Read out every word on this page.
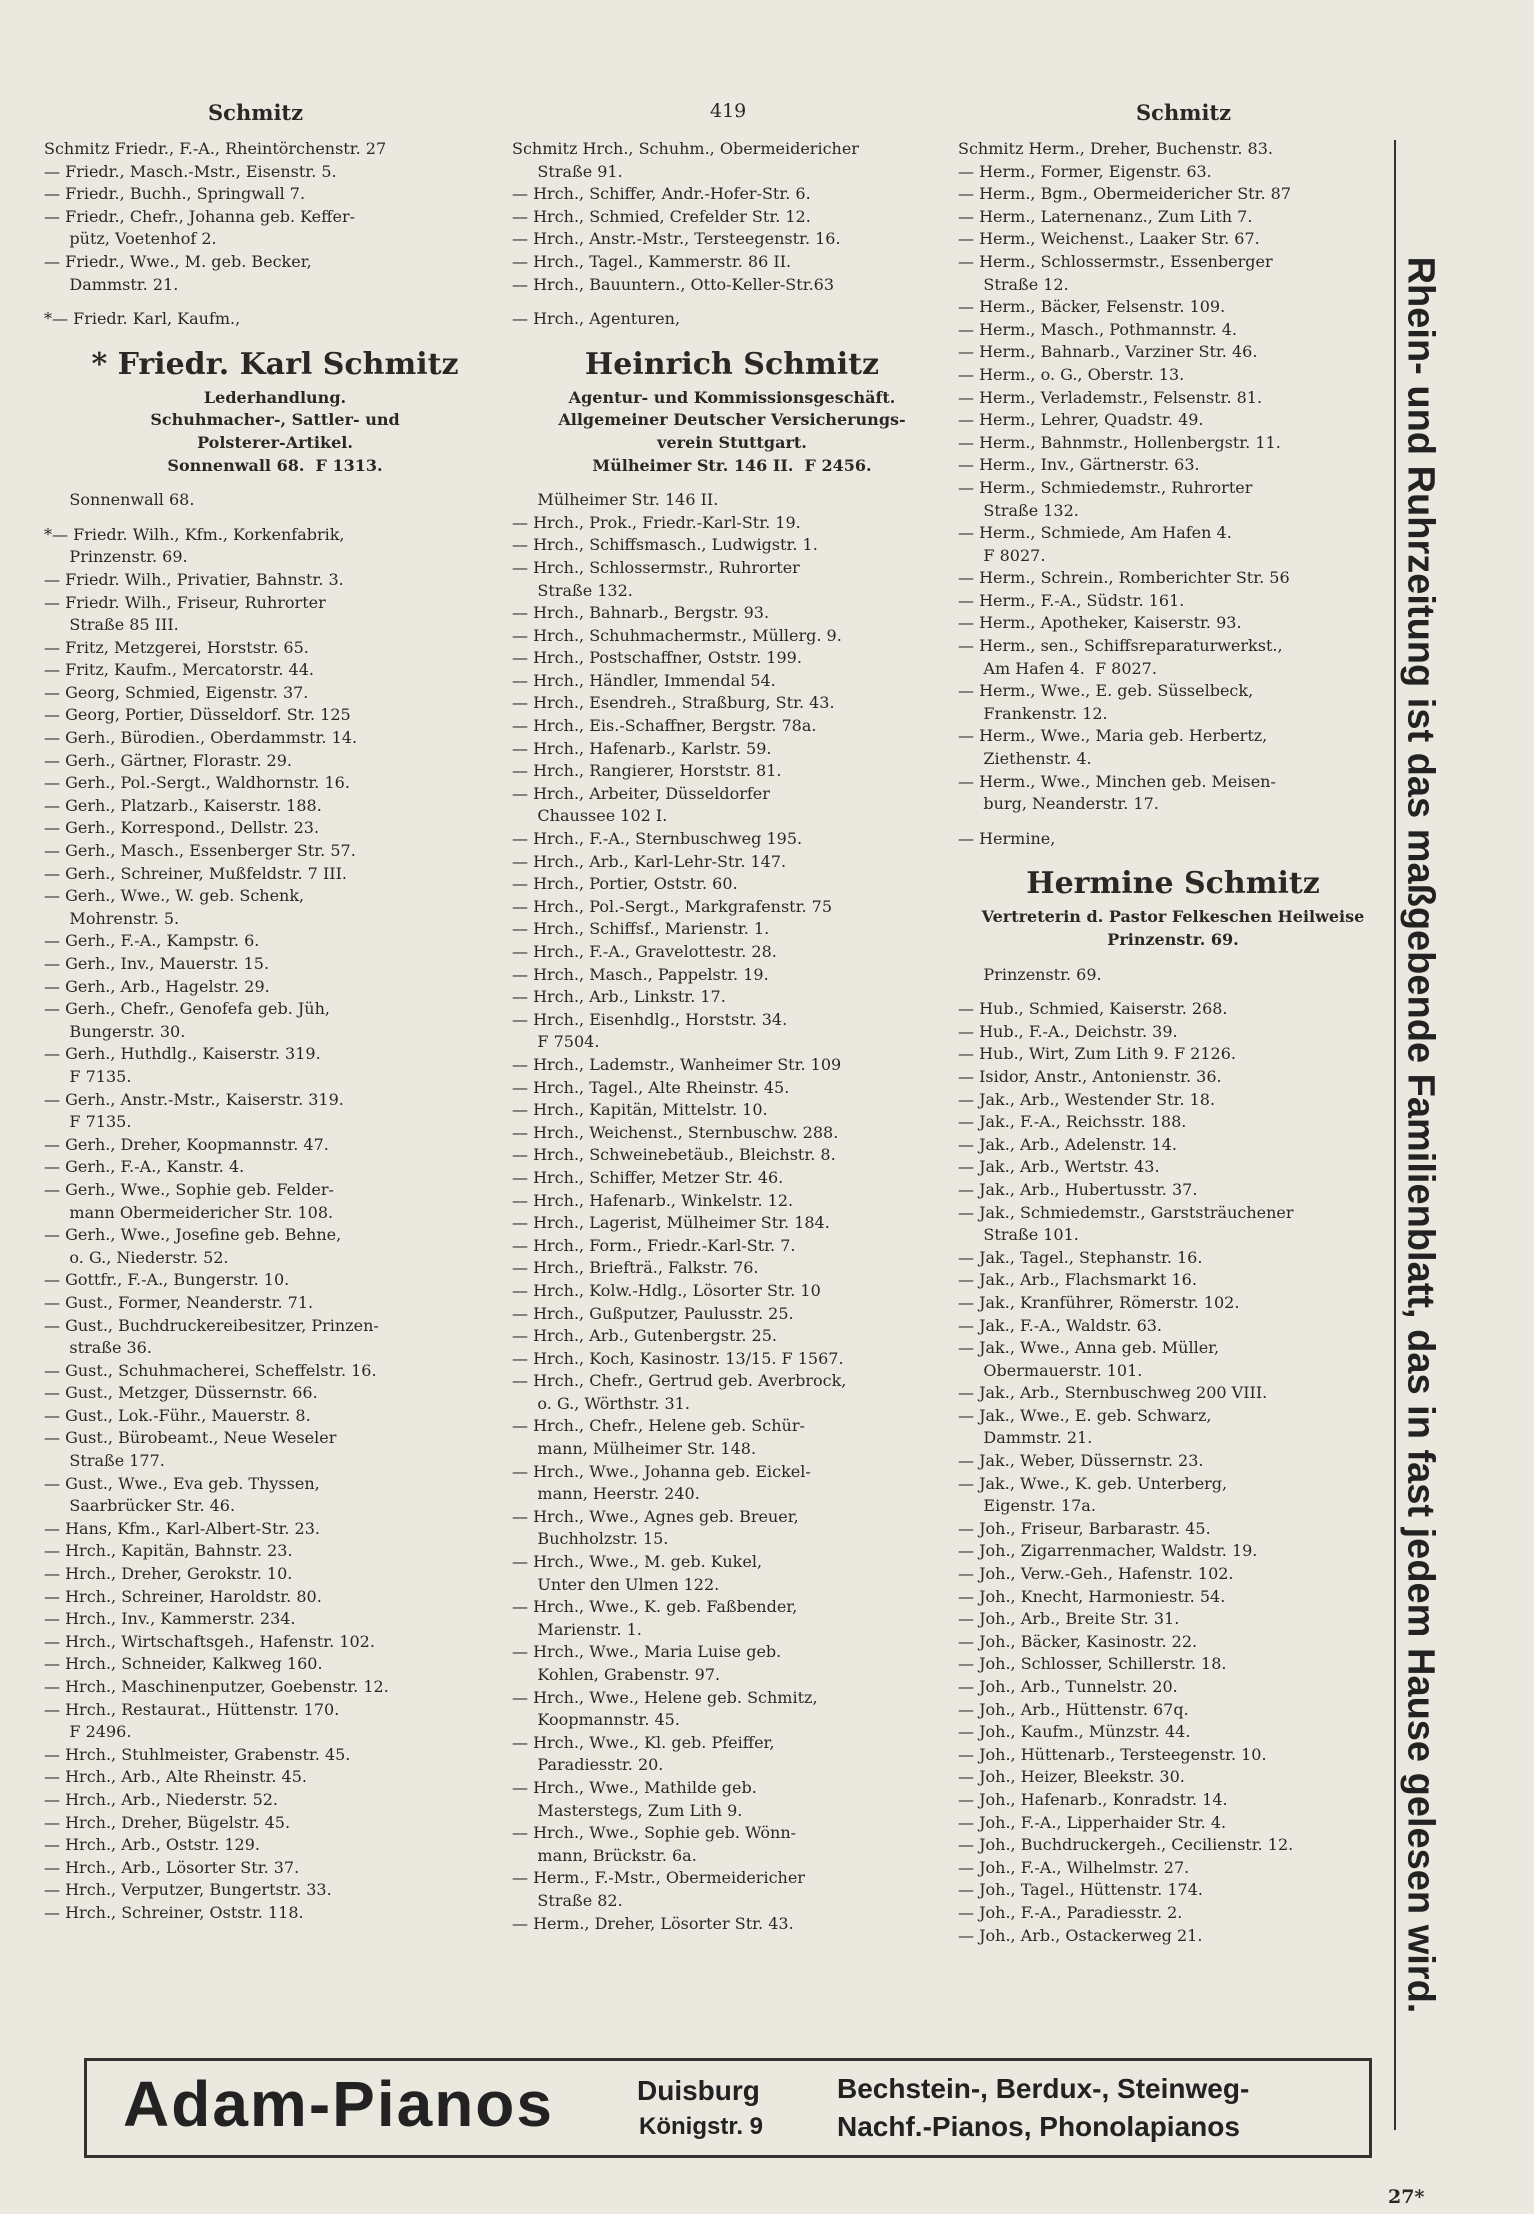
Schmitz	419	Schmitz
Schmitz Friedr., F.-A., Rheintörchenstr. 27
— Friedr., Masch.-Mstr., Eisenstr. 5.
— Friedr., Buchh., Springwall 7.
— Friedr., Chefr., Johanna geb. Keffer-
pütz, Voetenhof 2.
— Friedr., Wwe., M. geb. Becker,
Dammstr. 21.
*— Friedr. Karl, Kaufm.,
* Friedr. Karl Schmitz
Lederhandlung.
Schuhmacher-, Sattler- und
Polsterer-Artikel.
Sonnenwall 68.  F 1313.
Sonnenwall 68.
*— Friedr. Wilh., Kfm., Korkenfabrik,
Prinzenstr. 69.
— Friedr. Wilh., Privatier, Bahnstr. 3.
— Friedr. Wilh., Friseur, Ruhrorter
Straße 85 III.
— Fritz, Metzgerei, Horststr. 65.
— Fritz, Kaufm., Mercatorstr. 44.
— Georg, Schmied, Eigenstr. 37.
— Georg, Portier, Düsseldorf. Str. 125
— Gerh., Bürodien., Oberdammstr. 14.
— Gerh., Gärtner, Florastr. 29.
— Gerh., Pol.-Sergt., Waldhornstr. 16.
— Gerh., Platzarb., Kaiserstr. 188.
— Gerh., Korrespond., Dellstr. 23.
— Gerh., Masch., Essenberger Str. 57.
— Gerh., Schreiner, Mußfeldstr. 7 III.
— Gerh., Wwe., W. geb. Schenk,
Mohrenstr. 5.
— Gerh., F.-A., Kampstr. 6.
— Gerh., Inv., Mauerstr. 15.
— Gerh., Arb., Hagelstr. 29.
— Gerh., Chefr., Genofefa geb. Jüh,
Bungerstr. 30.
— Gerh., Huthdlg., Kaiserstr. 319.
F 7135.
— Gerh., Anstr.-Mstr., Kaiserstr. 319.
F 7135.
— Gerh., Dreher, Koopmannstr. 47.
— Gerh., F.-A., Kanstr. 4.
— Gerh., Wwe., Sophie geb. Felder-
mann Obermeidericher Str. 108.
— Gerh., Wwe., Josefine geb. Behne,
o. G., Niederstr. 52.
— Gottfr., F.-A., Bungerstr. 10.
— Gust., Former, Neanderstr. 71.
— Gust., Buchdruckereibesitzer, Prinzen-
straße 36.
— Gust., Schuhmacherei, Scheffelstr. 16.
— Gust., Metzger, Düssernstr. 66.
— Gust., Lok.-Führ., Mauerstr. 8.
— Gust., Bürobeamt., Neue Weseler
Straße 177.
— Gust., Wwe., Eva geb. Thyssen,
Saarbrücker Str. 46.
— Hans, Kfm., Karl-Albert-Str. 23.
— Hrch., Kapitän, Bahnstr. 23.
— Hrch., Dreher, Gerokstr. 10.
— Hrch., Schreiner, Haroldstr. 80.
— Hrch., Inv., Kammerstr. 234.
— Hrch., Wirtschaftsgeh., Hafenstr. 102.
— Hrch., Schneider, Kalkweg 160.
— Hrch., Maschinenputzer, Goebenstr. 12.
— Hrch., Restaurat., Hüttenstr. 170.
F 2496.
— Hrch., Stuhlmeister, Grabenstr. 45.
— Hrch., Arb., Alte Rheinstr. 45.
— Hrch., Arb., Niederstr. 52.
— Hrch., Dreher, Bügelstr. 45.
— Hrch., Arb., Oststr. 129.
— Hrch., Arb., Lösorter Str. 37.
— Hrch., Verputzer, Bungertstr. 33.
— Hrch., Schreiner, Oststr. 118.
Schmitz Hrch., Schuhm., Obermeidericher
Straße 91.
— Hrch., Schiffer, Andr.-Hofer-Str. 6.
— Hrch., Schmied, Crefelder Str. 12.
— Hrch., Anstr.-Mstr., Tersteegenstr. 16.
— Hrch., Tagel., Kammerstr. 86 II.
— Hrch., Bauuntern., Otto-Keller-Str.63
— Hrch., Agenturen,
Heinrich Schmitz
Agentur- und Kommissionsgeschäft.
Allgemeiner Deutscher Versicherungs-
verein Stuttgart.
Mülheimer Str. 146 II.  F 2456.
Mülheimer Str. 146 II.
— Hrch., Prok., Friedr.-Karl-Str. 19.
— Hrch., Schiffsmasch., Ludwigstr. 1.
— Hrch., Schlossermstr., Ruhrorter
Straße 132.
— Hrch., Bahnarb., Bergstr. 93.
— Hrch., Schuhmachermstr., Müllerg. 9.
— Hrch., Postschaffner, Oststr. 199.
— Hrch., Händler, Immendal 54.
— Hrch., Esendreh., Straßburg, Str. 43.
— Hrch., Eis.-Schaffner, Bergstr. 78a.
— Hrch., Hafenarb., Karlstr. 59.
— Hrch., Rangierer, Horststr. 81.
— Hrch., Arbeiter, Düsseldorfer
Chaussee 102 I.
— Hrch., F.-A., Sternbuschweg 195.
— Hrch., Arb., Karl-Lehr-Str. 147.
— Hrch., Portier, Oststr. 60.
— Hrch., Pol.-Sergt., Markgrafenstr. 75
— Hrch., Schiffsf., Marienstr. 1.
— Hrch., F.-A., Gravelottestr. 28.
— Hrch., Masch., Pappelstr. 19.
— Hrch., Arb., Linkstr. 17.
— Hrch., Eisenhdlg., Horststr. 34.
F 7504.
— Hrch., Lademstr., Wanheimer Str. 109
— Hrch., Tagel., Alte Rheinstr. 45.
— Hrch., Kapitän, Mittelstr. 10.
— Hrch., Weichenst., Sternbuschw. 288.
— Hrch., Schweinebetäub., Bleichstr. 8.
— Hrch., Schiffer, Metzer Str. 46.
— Hrch., Hafenarb., Winkelstr. 12.
— Hrch., Lagerist, Mülheimer Str. 184.
— Hrch., Form., Friedr.-Karl-Str. 7.
— Hrch., Briefträ., Falkstr. 76.
— Hrch., Kolw.-Hdlg., Lösorter Str. 10
— Hrch., Gußputzer, Paulusstr. 25.
— Hrch., Arb., Gutenbergstr. 25.
— Hrch., Koch, Kasinostr. 13/15. F 1567.
— Hrch., Chefr., Gertrud geb. Averbrock,
o. G., Wörthstr. 31.
— Hrch., Chefr., Helene geb. Schür-
mann, Mülheimer Str. 148.
— Hrch., Wwe., Johanna geb. Eickel-
mann, Heerstr. 240.
— Hrch., Wwe., Agnes geb. Breuer,
Buchholzstr. 15.
— Hrch., Wwe., M. geb. Kukel,
Unter den Ulmen 122.
— Hrch., Wwe., K. geb. Faßbender,
Marienstr. 1.
— Hrch., Wwe., Maria Luise geb.
Kohlen, Grabenstr. 97.
— Hrch., Wwe., Helene geb. Schmitz,
Koopmannstr. 45.
— Hrch., Wwe., Kl. geb. Pfeiffer,
Paradiesstr. 20.
— Hrch., Wwe., Mathilde geb.
Masterstegs, Zum Lith 9.
— Hrch., Wwe., Sophie geb. Wönn-
mann, Brückstr. 6a.
— Herm., F.-Mstr., Obermeidericher
Straße 82.
— Herm., Dreher, Lösorter Str. 43.
Schmitz Herm., Dreher, Buchenstr. 83.
— Herm., Former, Eigenstr. 63.
— Herm., Bgm., Obermeidericher Str. 87
— Herm., Laternenanz., Zum Lith 7.
— Herm., Weichenst., Laaker Str. 67.
— Herm., Schlossermstr., Essenberger
Straße 12.
— Herm., Bäcker, Felsenstr. 109.
— Herm., Masch., Pothmannstr. 4.
— Herm., Bahnarb., Varziner Str. 46.
— Herm., o. G., Oberstr. 13.
— Herm., Verlademstr., Felsenstr. 81.
— Herm., Lehrer, Quadstr. 49.
— Herm., Bahnmstr., Hollenbergstr. 11.
— Herm., Inv., Gärtnerstr. 63.
— Herm., Schmiedemstr., Ruhrorter
Straße 132.
— Herm., Schmiede, Am Hafen 4.
F 8027.
— Herm., Schrein., Romberichter Str. 56
— Herm., F.-A., Südstr. 161.
— Herm., Apotheker, Kaiserstr. 93.
— Herm., sen., Schiffsreparaturwerkst.,
Am Hafen 4.  F 8027.
— Herm., Wwe., E. geb. Süsselbeck,
Frankenstr. 12.
— Herm., Wwe., Maria geb. Herbertz,
Ziethenstr. 4.
— Herm., Wwe., Minchen geb. Meisen-
burg, Neanderstr. 17.
— Hermine,
Hermine Schmitz
Vertreterin d. Pastor Felkeschen Heilweise
Prinzenstr. 69.
Prinzenstr. 69.
— Hub., Schmied, Kaiserstr. 268.
— Hub., F.-A., Deichstr. 39.
— Hub., Wirt, Zum Lith 9. F 2126.
— Isidor, Anstr., Antonienstr. 36.
— Jak., Arb., Westender Str. 18.
— Jak., F.-A., Reichsstr. 188.
— Jak., Arb., Adelenstr. 14.
— Jak., Arb., Wertstr. 43.
— Jak., Arb., Hubertusstr. 37.
— Jak., Schmiedemstr., Garststräuchener
Straße 101.
— Jak., Tagel., Stephanstr. 16.
— Jak., Arb., Flachsmarkt 16.
— Jak., Kranführer, Römerstr. 102.
— Jak., F.-A., Waldstr. 63.
— Jak., Wwe., Anna geb. Müller,
Obermauerstr. 101.
— Jak., Arb., Sternbuschweg 200 VIII.
— Jak., Wwe., E. geb. Schwarz,
Dammstr. 21.
— Jak., Weber, Düssernstr. 23.
— Jak., Wwe., K. geb. Unterberg,
Eigenstr. 17a.
— Joh., Friseur, Barbarastr. 45.
— Joh., Zigarrenmacher, Waldstr. 19.
— Joh., Verw.-Geh., Hafenstr. 102.
— Joh., Knecht, Harmoniestr. 54.
— Joh., Arb., Breite Str. 31.
— Joh., Bäcker, Kasinostr. 22.
— Joh., Schlosser, Schillerstr. 18.
— Joh., Arb., Tunnelstr. 20.
— Joh., Arb., Hüttenstr. 67q.
— Joh., Kaufm., Münzstr. 44.
— Joh., Hüttenarb., Tersteegenstr. 10.
— Joh., Heizer, Bleekstr. 30.
— Joh., Hafenarb., Konradstr. 14.
— Joh., F.-A., Lipperhaider Str. 4.
— Joh., Buchdruckergeh., Cecilienstr. 12.
— Joh., F.-A., Wilhelmstr. 27.
— Joh., Tagel., Hüttenstr. 174.
— Joh., F.-A., Paradiesstr. 2.
— Joh., Arb., Ostackerweg 21.	Rhein- und Ruhrzeitung ist das maßgebende Familienblatt, das in fast jedem Hause gelesen wird.
Adam-Pianos	Duisburg
Königstr. 9
Bechstein-, Berdux-, Steinweg-
Nachf.-Pianos, Phonolapianos
27*
